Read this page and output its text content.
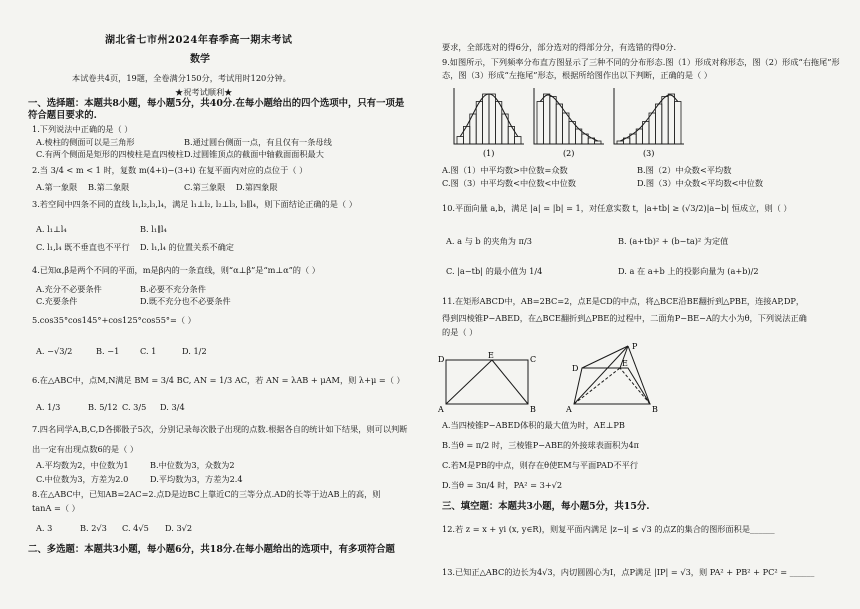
湖北省七市州2024年春季高一期末考试
数学
本试卷共4页，19题，全卷满分150分，考试用时120分钟。
★祝考试顺利★
一、选择题：本题共8小题，每小题5分，共40分.在每小题给出的四个选项中，只有一项是
符合题目要求的.
1.下列说法中正确的是（ ）
A.棱柱的侧面可以是三角形	B.通过圆台侧面一点，有且仅有一条母线
C.有两个侧面是矩形的四棱柱是直四棱柱 D.过圆锥顶点的截面中轴截面面积最大
2.当 3/4 < m < 1 时，复数 m(4+i)−(3+i) 在复平面内对应的点位于（ ）
A.第一象限 B.第二象限	C.第三象限 D.第四象限
3.若空间中四条不同的直线 l₁,l₂,l₃,l₄，满足 l₁⊥l₂, l₂⊥l₃, l₃∥l₄，则下面结论正确的是（ ）
A. l₁⊥l₄	B. l₁∥l₄
C. l₁,l₄ 既不垂直也不平行 D. l₁,l₄ 的位置关系不确定
4.已知α,β是两个不同的平面，m是β内的一条直线，则“α⊥β”是“m⊥α”的（ ）
A.充分不必要条件	B.必要不充分条件
C.充要条件	D.既不充分也不必要条件
5.cos35°cos145°+cos125°cos55°=（ ）
A. −√3/2	B. −1	C. 1	D. 1/2
6.在△ABC中，点M,N满足 BM = 3/4 BC, AN = 1/3 AC，若 AN = λAB + μAM，则 λ+μ =（ ）
A. 1/3	B. 5/12 C. 3/5 D. 3/4
7.四名同学A,B,C,D各掷骰子5次，分别记录每次骰子出现的点数.根据各自的统计如下结果，则可以判断
出一定有出现点数6的是（ ）
A.平均数为2，中位数为1	B.中位数为3，众数为2
C.中位数为3，方差为2.0	D.平均数为3，方差为2.4
8.在△ABC中，已知AB=2AC=2.点D是边BC上靠近C的三等分点.AD的长等于边AB上的高，则
tanA =（ ）
A. 3	B. 2√3 C. 4√5 D. 3√2
二、多选题：本题共3小题，每小题6分，共18分.在每小题给出的选项中，有多项符合题
要求，全部选对的得6分，部分选对的得部分分，有选错的得0分.
9.如图所示，下列频率分布直方图显示了三种不同的分布形态.图（1）形成对称形态，图（2）形成“右拖尾”形
态，图（3）形成“左拖尾”形态，根据所给图作出以下判断，正确的是（ ）
(1)	(2)	(3)
A.图（1）中平均数>中位数=众数	B.图（2）中众数<平均数
C.图（3）中平均数<中位数<中位数	D.图（3）中众数<平均数<中位数
10.平面向量 a,b，满足 |a| = |b| = 1，对任意实数 t，|a+tb| ≥ (√3/2)|a−b| 恒成立，则（ ）
A. a 与 b 的夹角为 π/3	B. (a+tb)² + (b−ta)² 为定值
C. |a−tb| 的最小值为 1/4	D. a 在 a+b 上的投影向量为 (a+b)/2
11.在矩形ABCD中，AB=2BC=2，点E是CD的中点，将△BCE沿BE翻折到△PBE，连接AP,DP，
得到四棱锥P−ABED，在△BCE翻折到△PBE的过程中，二面角P−BE−A的大小为θ，下列说法正确
的是（ ）
D	E	C
A	B
P
D
E
A	B
A.当四棱锥P−ABED体积的最大值为时，AE⊥PB
B.当θ = π/2 时，三棱锥P−ABE的外接球表面积为4π
C.若M是PB的中点，则存在θ使EM与平面PAD不平行
D.当θ = 3π/4 时，PA² = 3+√2
三、填空题：本题共3小题，每小题5分，共15分.
12.若 z = x + yi (x, y∈R)，则复平面内满足 |z−i| ≤ √3 的点Z的集合的图形面积是______
13.已知正△ABC的边长为4√3，内切圆圆心为I，点P满足 |IP| = √3，则 PA² + PB² + PC² = ______
